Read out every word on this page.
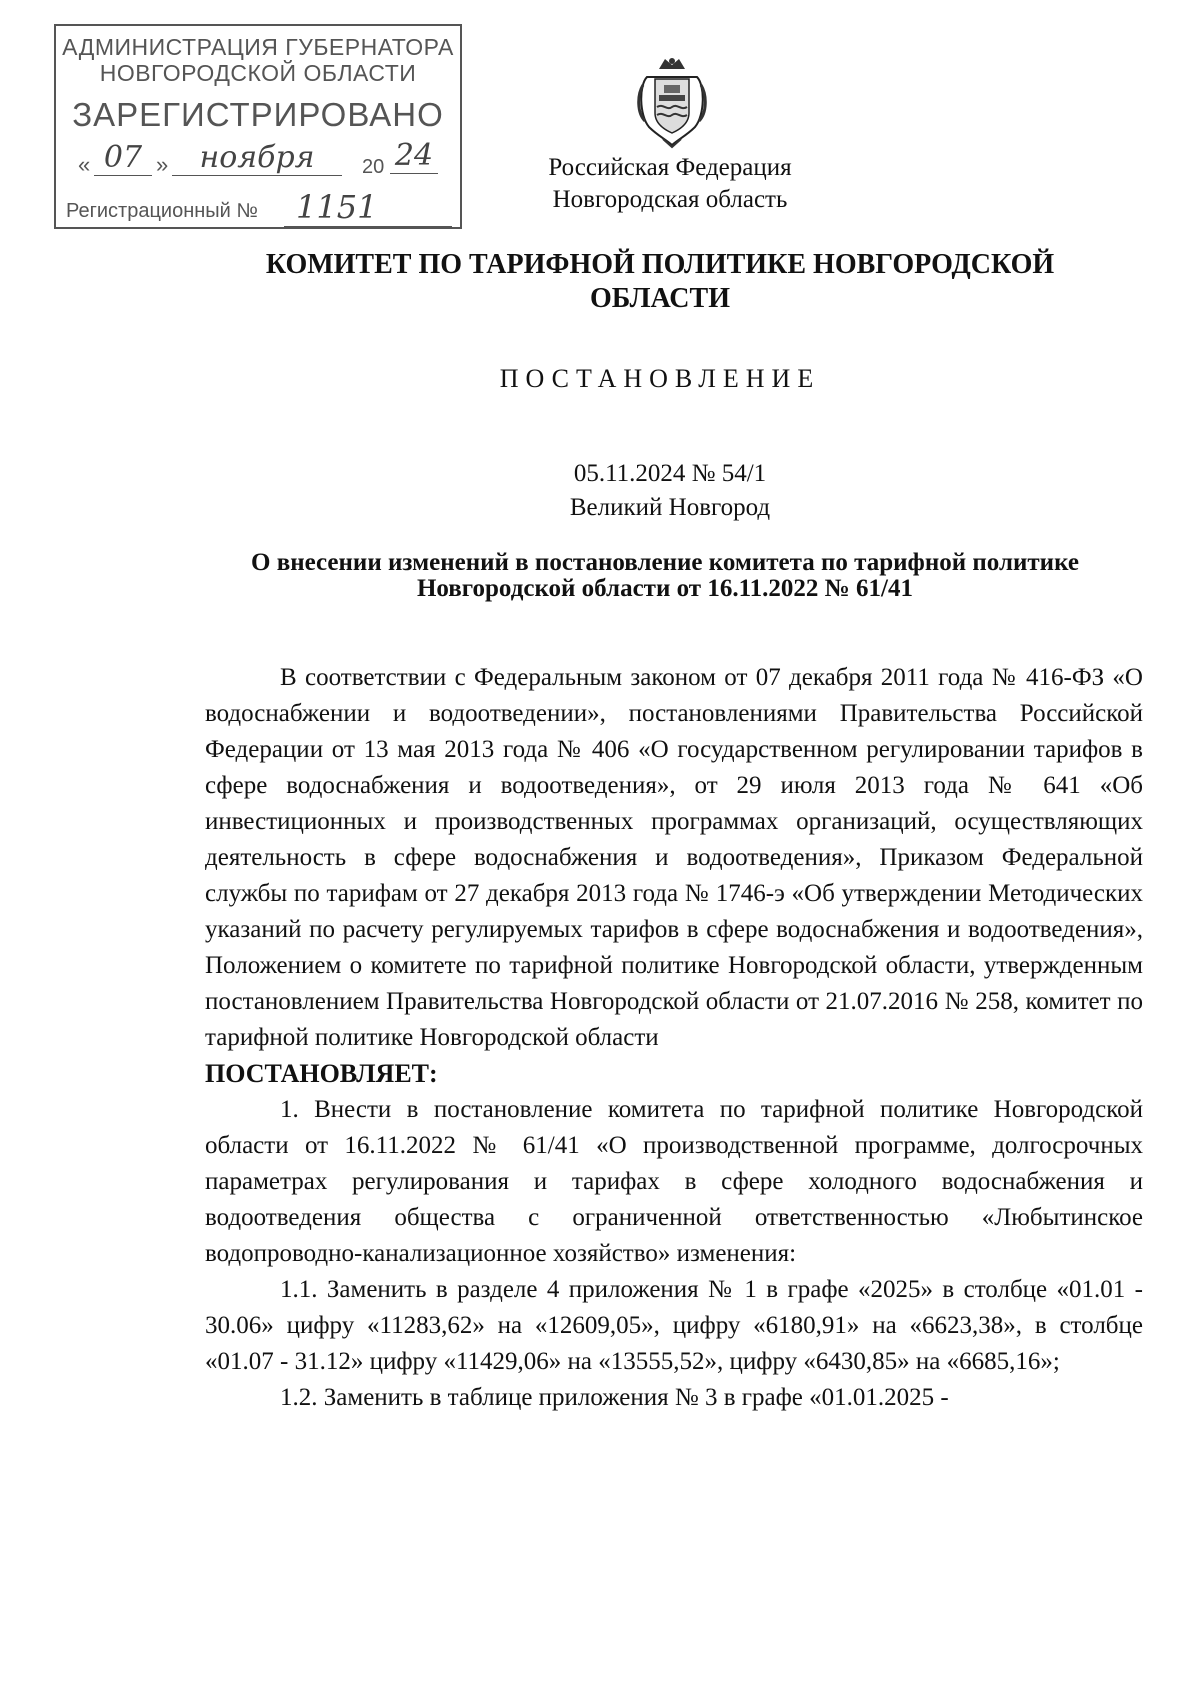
АДМИНИСТРАЦИЯ ГУБЕРНАТОРА
НОВГОРОДСКОЙ ОБЛАСТИ
ЗАРЕГИСТРИРОВАНО
« 07 »	ноября	20 24
Регистрационный №	1151
Российская Федерация
Новгородская область
КОМИТЕТ ПО ТАРИФНОЙ ПОЛИТИКЕ НОВГОРОДСКОЙ ОБЛАСТИ
ПОСТАНОВЛЕНИЕ
05.11.2024 № 54/1
Великий Новгород
О внесении изменений в постановление комитета по тарифной политике Новгородской области от 16.11.2022 № 61/41

В соответствии с Федеральным законом от 07 декабря 2011 года № 416-ФЗ «О водоснабжении и водоотведении», постановлениями Правительства Российской Федерации от 13 мая 2013 года № 406 «О государственном регулировании тарифов в сфере водоснабжения и водоотведения», от 29 июля 2013 года № 641 «Об инвестиционных и производственных программах организаций, осуществляющих деятельность в сфере водоснабжения и водоотведения», Приказом Федеральной службы по тарифам от 27 декабря 2013 года № 1746-э «Об утверждении Методических указаний по расчету регулируемых тарифов в сфере водоснабжения и водоотведения», Положением о комитете по тарифной политике Новгородской области, утвержденным постановлением Правительства Новгородской области от 21.07.2016 № 258, комитет по тарифной политике Новгородской области

ПОСТАНОВЛЯЕТ:

1. Внести в постановление комитета по тарифной политике Новгородской области от 16.11.2022 № 61/41 «О производственной программе, долгосрочных параметрах регулирования и тарифах в сфере холодного водоснабжения и водоотведения общества с ограниченной ответственностью «Любытинское водопроводно-канализационное хозяйство» изменения:

1.1. Заменить в разделе 4 приложения № 1 в графе «2025» в столбце «01.01 - 30.06» цифру «11283,62» на «12609,05», цифру «6180,91» на «6623,38», в столбце «01.07 - 31.12» цифру «11429,06» на «13555,52», цифру «6430,85» на «6685,16»;

1.2. Заменить в таблице приложения № 3 в графе «01.01.2025 -
